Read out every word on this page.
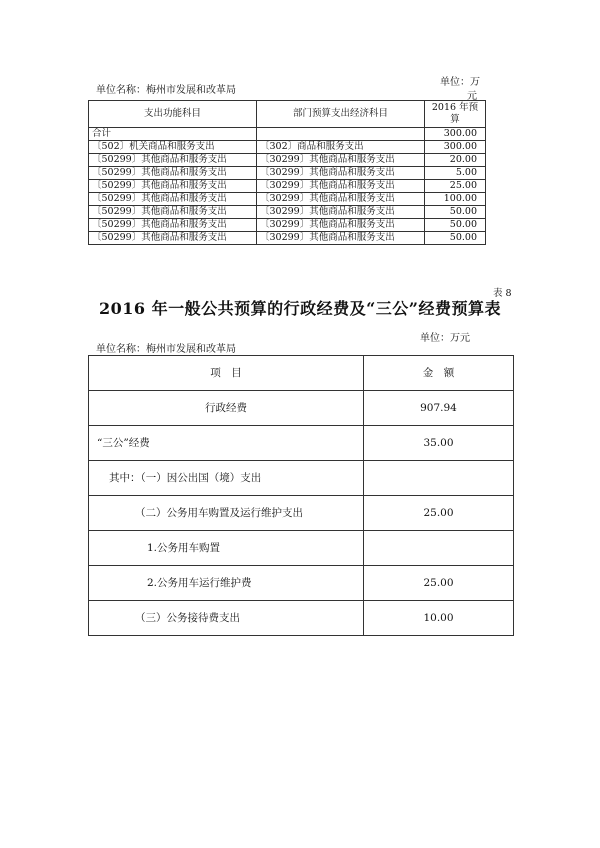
单位名称：梅州市发展和改革局
单位：万
元
支出功能科目	部门预算支出经济科目	2016 年预
算
合计		300.00
〔502〕机关商品和服务支出	〔302〕商品和服务支出	300.00
〔50299〕其他商品和服务支出	〔30299〕其他商品和服务支出	20.00
〔50299〕其他商品和服务支出	〔30299〕其他商品和服务支出	5.00
〔50299〕其他商品和服务支出	〔30299〕其他商品和服务支出	25.00
〔50299〕其他商品和服务支出	〔30299〕其他商品和服务支出	100.00
〔50299〕其他商品和服务支出	〔30299〕其他商品和服务支出	50.00
〔50299〕其他商品和服务支出	〔30299〕其他商品和服务支出	50.00
〔50299〕其他商品和服务支出	〔30299〕其他商品和服务支出	50.00
表 8
2016 年一般公共预算的行政经费及“三公”经费预算表
单位：万元
单位名称：梅州市发展和改革局
项　目	金　额
行政经费	907.94
“三公”经费	35.00
其中：（一）因公出国（境）支出	
（二）公务用车购置及运行维护支出	25.00
1.公务用车购置	
2.公务用车运行维护费	25.00
（三）公务接待费支出	10.00
